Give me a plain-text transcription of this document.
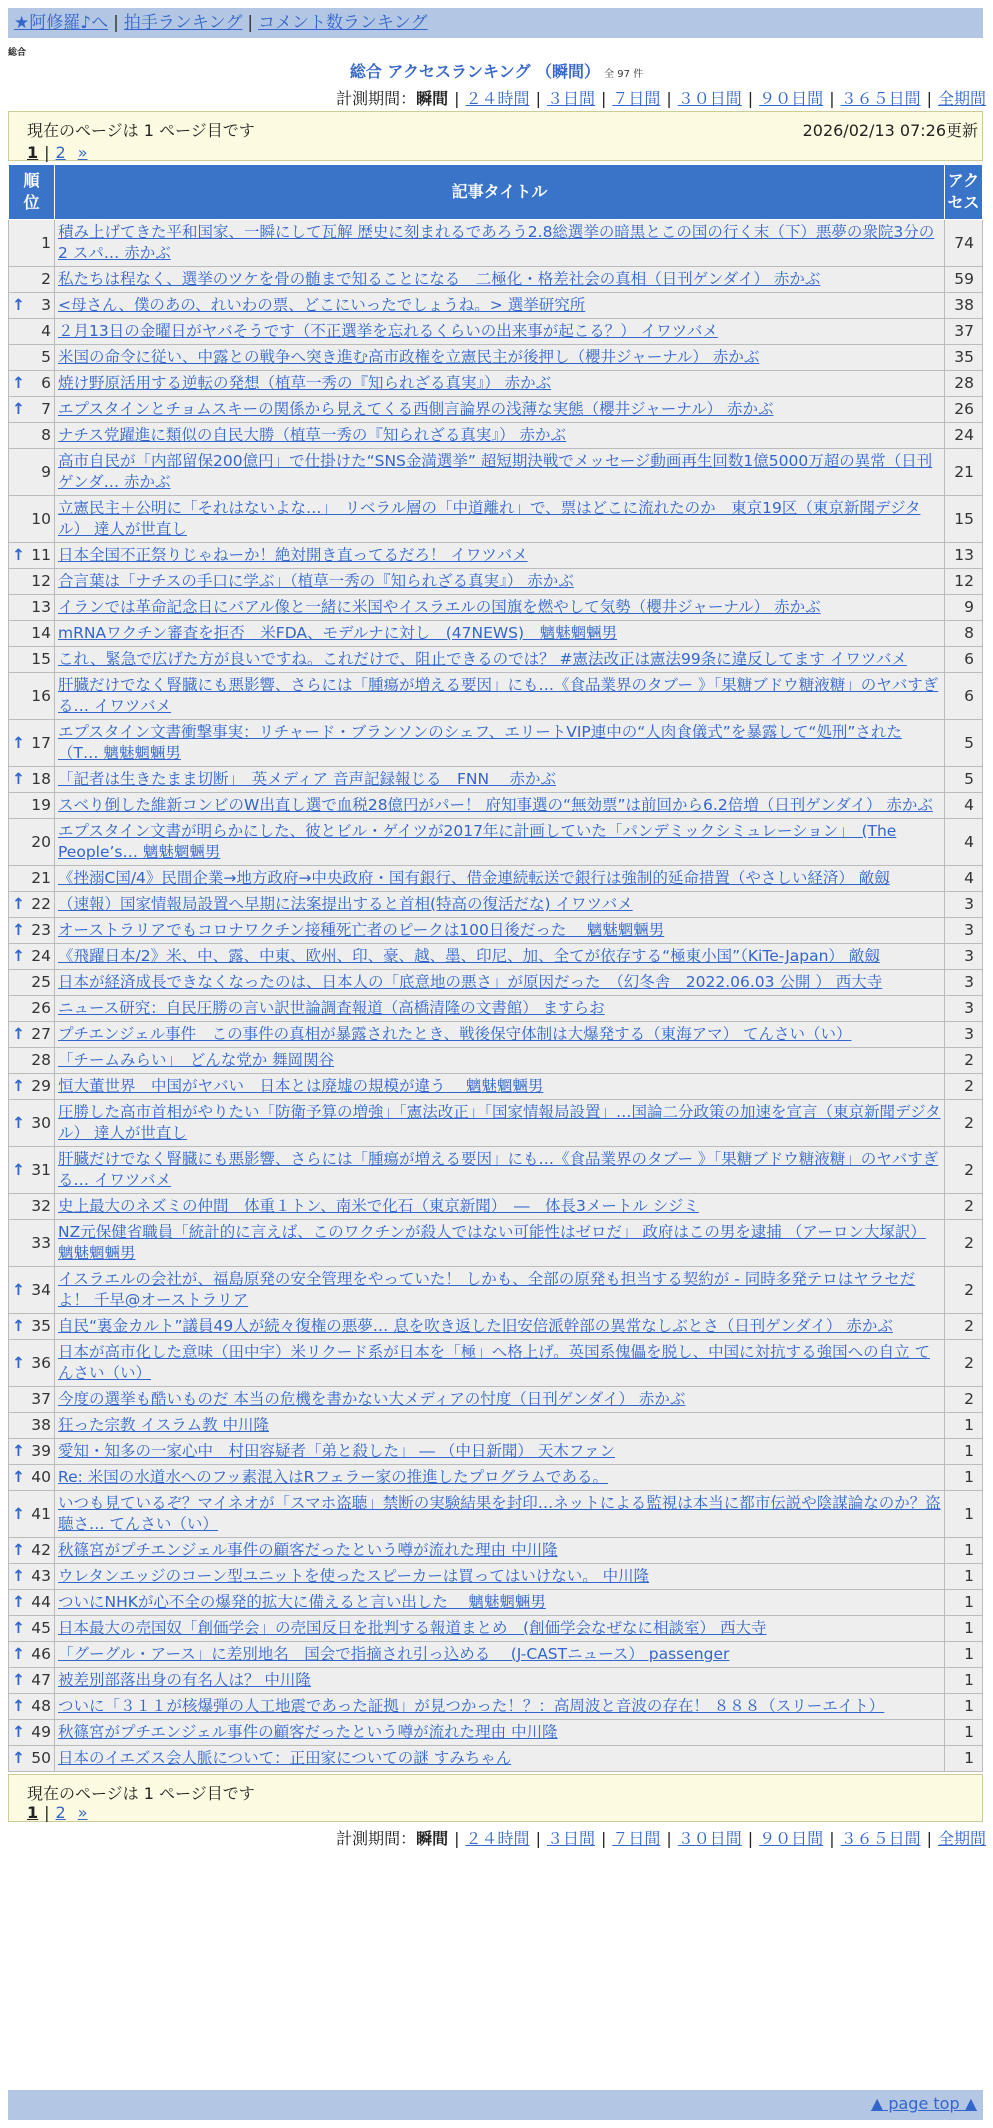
★阿修羅♪へ | 拍手ランキング | コメント数ランキング
総合
総合 アクセスランキング （瞬間） 全 97 件
計測期間：瞬間 | ２４時間 | ３日間 | ７日間 | ３０日間 | ９０日間 | ３６５日間 | 全期間
現在のページは 1 ページ目です	2026/02/13 07:26更新
1 | 2 »
順位	記事タイトル	アクセス
1	積み上げてきた平和国家、一瞬にして瓦解 歴史に刻まれるであろう2.8総選挙の暗黒とこの国の行く末（下）悪夢の衆院3分の2 スパ… 赤かぶ	74
2	私たちは程なく、選挙のツケを骨の髄まで知ることになる　二極化・格差社会の真相（日刊ゲンダイ） 赤かぶ	59

↑ 3	<母さん、僕のあの、れいわの票、どこにいったでしょうね。> 選挙研究所	38
4	２月13日の金曜日がヤバそうです（不正選挙を忘れるくらいの出来事が起こる？） イワツバメ	37
5	米国の命令に従い、中露との戦争へ突き進む高市政権を立憲民主が後押し（櫻井ジャーナル） 赤かぶ	35

↑ 6	焼け野原活用する逆転の発想（植草一秀の『知られざる真実』） 赤かぶ	28

↑ 7	エプスタインとチョムスキーの関係から見えてくる西側言論界の浅薄な実態（櫻井ジャーナル） 赤かぶ	26
8	ナチス党躍進に類似の自民大勝（植草一秀の『知られざる真実』） 赤かぶ	24
9	高市自民が「内部留保200億円」で仕掛けた“SNS金満選挙” 超短期決戦でメッセージ動画再生回数1億5000万超の異常（日刊ゲンダ… 赤かぶ	21
10	立憲民主＋公明に「それはないよな…」　リベラル層の「中道離れ」で、票はどこに流れたのか　東京19区（東京新聞デジタル） 達人が世直し	15

↑ 11	日本全国不正祭りじゃねーか！絶対開き直ってるだろ！ イワツバメ	13
12	合言葉は「ナチスの手口に学ぶ」（植草一秀の『知られざる真実』） 赤かぶ	12
13	イランでは革命記念日にバアル像と一緒に米国やイスラエルの国旗を燃やして気勢（櫻井ジャーナル） 赤かぶ	9
14	mRNAワクチン審査を拒否　米FDA、モデルナに対し　(47NEWS)　魑魅魍魎男	8
15	これ、緊急で広げた方が良いですね。これだけで、阻止できるのでは？ #憲法改正は憲法99条に違反してます イワツバメ	6
16	肝臓だけでなく腎臓にも悪影響、さらには「腫瘍が増える要因」にも…《食品業界のタブー 》「果糖ブドウ糖液糖」のヤバすぎる… イワツバメ	6

↑ 17	エプスタイン文書衝撃事実：リチャード・ブランソンのシェフ、エリートVIP連中の“人肉食儀式”を暴露して“処刑”された（T… 魑魅魍魎男	5

↑ 18	「記者は生きたまま切断」　英メディア 音声記録報じる　FNN　 赤かぶ	5
19	スベり倒した維新コンビのW出直し選で血税28億円がパー！ 府知事選の“無効票”は前回から6.2倍増（日刊ゲンダイ） 赤かぶ	4
20	エプスタイン文書が明らかにした、彼とビル・ゲイツが2017年に計画していた「パンデミックシミュレーション」　(The People’s… 魑魅魍魎男	4
21	《挫溺C国/4》民間企業→地方政府→中央政府・国有銀行、借金連続転送で銀行は強制的延命措置（やさしい経済） 敵劔	4

↑ 22	（速報）国家情報局設置へ早期に法案提出すると首相(特高の復活だな) イワツバメ	3

↑ 23	オーストラリアでもコロナワクチン接種死亡者のピークは100日後だった　 魑魅魍魎男	3

↑ 24	《飛躍日本/2》米、中、露、中東、欧州、印、豪、越、墨、印尼、加、全てが依存する“極東小国”（KiTe-Japan） 敵劔	3
25	日本が経済成長できなくなったのは、日本人の「底意地の悪さ」が原因だった　（幻冬舎　2022.06.03 公開 ） 西大寺	3
26	ニュース研究：自民圧勝の言い訳世論調査報道（高橋清隆の文書館） ますらお	3

↑ 27	プチエンジェル事件　この事件の真相が暴露されたとき、戦後保守体制は大爆発する（東海アマ） てんさい（い）	3
28	「チームみらい」　どんな党か 舞岡関谷	2

↑ 29	恒大董世界　中国がヤバい　日本とは廃墟の規模が違う　 魑魅魍魎男	2

↑ 30	圧勝した高市首相がやりたい「防衛予算の増強」「憲法改正」「国家情報局設置」…国論二分政策の加速を宣言（東京新聞デジタル） 達人が世直し	2

↑ 31	肝臓だけでなく腎臓にも悪影響、さらには「腫瘍が増える要因」にも…《食品業界のタブー 》「果糖ブドウ糖液糖」のヤバすぎる… イワツバメ	2
32	史上最大のネズミの仲間　体重１トン、南米で化石（東京新聞）　―　体長3メートル シジミ	2
33	NZ元保健省職員「統計的に言えば、このワクチンが殺人ではない可能性はゼロだ」 政府はこの男を逮捕 （アーロン大塚訳） 魑魅魍魎男	2

↑ 34	イスラエルの会社が、福島原発の安全管理をやっていた！ しかも、全部の原発も担当する契約が - 同時多発テロはヤラセだよ！ 千早@オーストラリア	2

↑ 35	自民“裏金カルト”議員49人が続々復権の悪夢… 息を吹き返した旧安倍派幹部の異常なしぶとさ（日刊ゲンダイ） 赤かぶ	2

↑ 36	日本が高市化した意味（田中宇）米リクード系が日本を「極」へ格上げ。英国系傀儡を脱し、中国に対抗する強国への自立 てんさい（い）	2
37	今度の選挙も酷いものだ 本当の危機を書かない大メディアの忖度（日刊ゲンダイ） 赤かぶ	2
38	狂った宗教 イスラム教 中川隆	1

↑ 39	愛知・知多の一家心中　村田容疑者「弟と殺した」 ― （中日新聞） 天木ファン	1

↑ 40	Re: 米国の水道水へのフッ素混入はRフェラー家の推進したプログラムである。	1

↑ 41	いつも見ているぞ？マイネオが「スマホ盗聴」禁断の実験結果を封印…ネットによる監視は本当に都市伝説や陰謀論なのか？盗聴さ… てんさい（い）	1

↑ 42	秋篠宮がプチエンジェル事件の顧客だったという噂が流れた理由 中川隆	1

↑ 43	ウレタンエッジのコーン型ユニットを使ったスピーカーは買ってはいけない。 中川隆	1

↑ 44	ついにNHKが心不全の爆発的拡大に備えると言い出した　 魑魅魍魎男	1

↑ 45	日本最大の売国奴「創価学会」の売国反日を批判する報道まとめ　(創価学会なぜなに相談室） 西大寺	1

↑ 46	「グーグル・アース」に差別地名　国会で指摘され引っ込める　 (J-CASTニュース） passenger	1

↑ 47	被差別部落出身の有名人は？ 中川隆	1

↑ 48	ついに「３１１が核爆弾の人工地震であった証拠」が見つかった！？：高周波と音波の存在！ ８８８（スリーエイト）	1

↑ 49	秋篠宮がプチエンジェル事件の顧客だったという噂が流れた理由 中川隆	1

↑ 50	日本のイエズス会人脈について：正田家についての謎 すみちゃん	1
現在のページは 1 ページ目です
1 | 2 »
計測期間：瞬間 | ２４時間 | ３日間 | ７日間 | ３０日間 | ９０日間 | ３６５日間 | 全期間
▲ page top ▲
